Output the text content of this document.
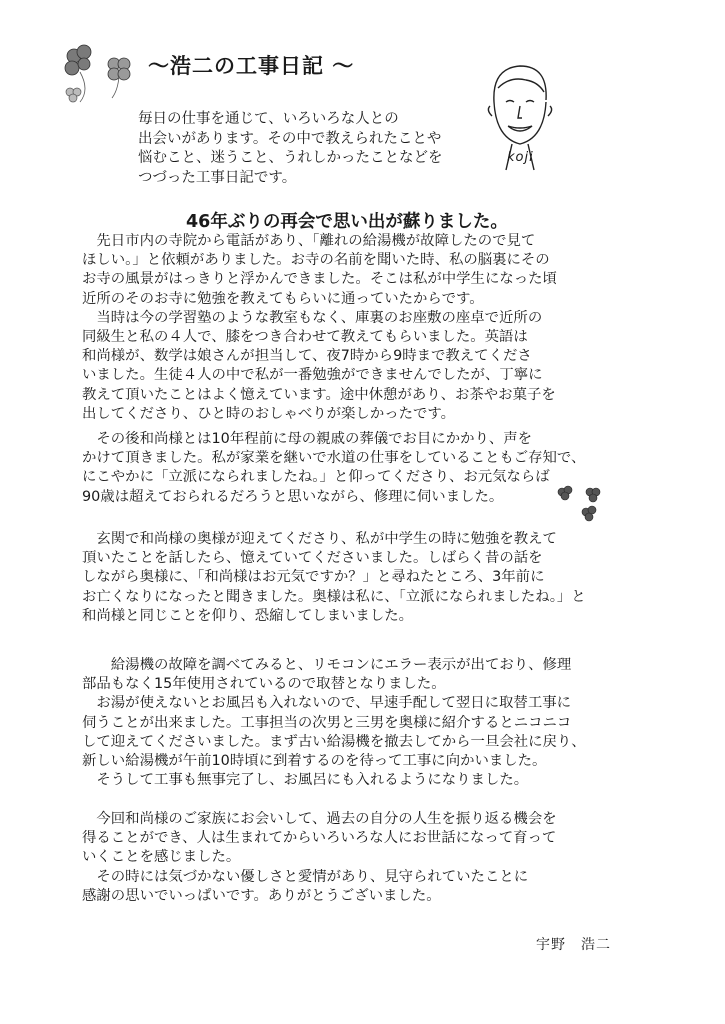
～浩二の工事日記 ～
毎日の仕事を通じて、いろいろな人との
出会いがあります。その中で教えられたことや
悩むこと、迷うこと、うれしかったことなどを
つづった工事日記です。
koji
46年ぶりの再会で思い出が蘇りました。
　先日市内の寺院から電話があり、「離れの給湯機が故障したので見て
ほしい。」と依頼がありました。お寺の名前を聞いた時、私の脳裏にその
お寺の風景がはっきりと浮かんできました。そこは私が中学生になった頃
近所のそのお寺に勉強を教えてもらいに通っていたからです。
　当時は今の学習塾のような教室もなく、庫裏のお座敷の座卓で近所の
同級生と私の４人で、膝をつき合わせて教えてもらいました。英語は
和尚様が、数学は娘さんが担当して、夜7時から9時まで教えてくださ
いました。生徒４人の中で私が一番勉強ができませんでしたが、丁寧に
教えて頂いたことはよく憶えています。途中休憩があり、お茶やお菓子を
出してくださり、ひと時のおしゃべりが楽しかったです。
　その後和尚様とは10年程前に母の親戚の葬儀でお目にかかり、声を
かけて頂きました。私が家業を継いで水道の仕事をしていることもご存知で、
にこやかに「立派になられましたね。」と仰ってくださり、お元気ならば
90歳は超えておられるだろうと思いながら、修理に伺いました。
　玄関で和尚様の奥様が迎えてくださり、私が中学生の時に勉強を教えて
頂いたことを話したら、憶えていてくださいました。しばらく昔の話を
しながら奥様に、「和尚様はお元気ですか？」と尋ねたところ、3年前に
お亡くなりになったと聞きました。奥様は私に、「立派になられましたね。」と
和尚様と同じことを仰り、恐縮してしまいました。
　　給湯機の故障を調べてみると、リモコンにエラー表示が出ており、修理
部品もなく15年使用されているので取替となりました。
　お湯が使えないとお風呂も入れないので、早速手配して翌日に取替工事に
伺うことが出来ました。工事担当の次男と三男を奥様に紹介するとニコニコ
して迎えてくださいました。まず古い給湯機を撤去してから一旦会社に戻り、
新しい給湯機が午前10時頃に到着するのを待って工事に向かいました。
　そうして工事も無事完了し、お風呂にも入れるようになりました。
　今回和尚様のご家族にお会いして、過去の自分の人生を振り返る機会を
得ることができ、人は生まれてからいろいろな人にお世話になって育って
いくことを感じました。
　その時には気づかない優しさと愛情があり、見守られていたことに
感謝の思いでいっぱいです。ありがとうございました。
宇野　浩二
